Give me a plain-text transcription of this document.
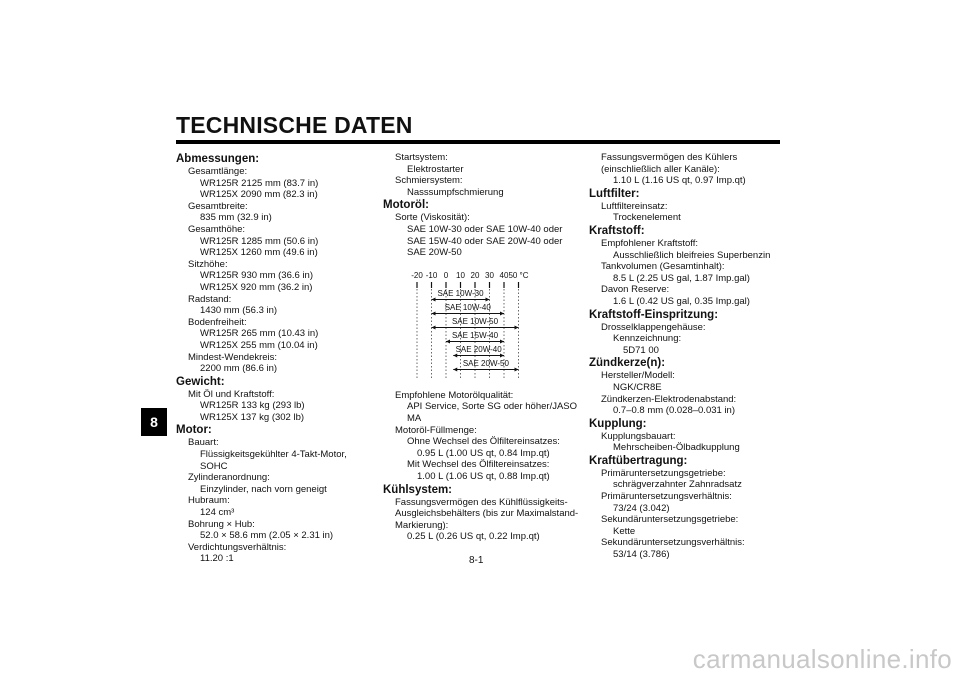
TECHNISCHE DATEN
8
Abmessungen:
Gesamtlänge:
WR125R 2125 mm (83.7 in)
WR125X 2090 mm (82.3 in)
Gesamtbreite:
835 mm (32.9 in)
Gesamthöhe:
WR125R 1285 mm (50.6 in)
WR125X 1260 mm (49.6 in)
Sitzhöhe:
WR125R 930 mm (36.6 in)
WR125X 920 mm (36.2 in)
Radstand:
1430 mm (56.3 in)
Bodenfreiheit:
WR125R 265 mm (10.43 in)
WR125X 255 mm (10.04 in)
Mindest-Wendekreis:
2200 mm (86.6 in)
Gewicht:
Mit Öl und Kraftstoff:
WR125R 133 kg (293 lb)
WR125X 137 kg (302 lb)
Motor:
Bauart:
Flüssigkeitsgekühlter 4-Takt-Motor, SOHC
Zylinderanordnung:
Einzylinder, nach vorn geneigt
Hubraum:
124 cm³
Bohrung × Hub:
52.0 × 58.6 mm (2.05 × 2.31 in)
Verdichtungsverhältnis:
11.20 :1
Startsystem:
Elektrostarter
Schmiersystem:
Nasssumpfschmierung
Motoröl:
Sorte (Viskosität):
SAE 10W-30 oder SAE 10W-40 oder SAE 15W-40 oder SAE 20W-40 oder SAE 20W-50
-20 -10 0 10 20 30 40 50 °C
SAE 10W-30
SAE 10W-40
SAE 10W-50
SAE 15W-40
SAE 20W-40
SAE 20W-50
Empfohlene Motorölqualität:
API Service, Sorte SG oder höher/JASO MA
Motoröl-Füllmenge:
Ohne Wechsel des Ölfiltereinsatzes:
0.95 L (1.00 US qt, 0.84 Imp.qt)
Mit Wechsel des Ölfiltereinsatzes:
1.00 L (1.06 US qt, 0.88 Imp.qt)
Kühlsystem:
Fassungsvermögen des Kühlflüssigkeits-Ausgleichsbehälters (bis zur Maximalstand-Markierung):
0.25 L (0.26 US qt, 0.22 Imp.qt)
Fassungsvermögen des Kühlers (einschließlich aller Kanäle):
1.10 L (1.16 US qt, 0.97 Imp.qt)
Luftfilter:
Luftfiltereinsatz:
Trockenelement
Kraftstoff:
Empfohlener Kraftstoff:
Ausschließlich bleifreies Superbenzin
Tankvolumen (Gesamtinhalt):
8.5 L (2.25 US gal, 1.87 Imp.gal)
Davon Reserve:
1.6 L (0.42 US gal, 0.35 Imp.gal)
Kraftstoff-Einspritzung:
Drosselklappengehäuse:
Kennzeichnung:
5D71 00
Zündkerze(n):
Hersteller/Modell:
NGK/CR8E
Zündkerzen-Elektrodenabstand:
0.7–0.8 mm (0.028–0.031 in)
Kupplung:
Kupplungsbauart:
Mehrscheiben-Ölbadkupplung
Kraftübertragung:
Primäruntersetzungsgetriebe:
schrägverzahnter Zahnradsatz
Primäruntersetzungsverhältnis:
73/24 (3.042)
Sekundäruntersetzungsgetriebe:
Kette
Sekundäruntersetzungsverhältnis:
53/14 (3.786)
8-1
carmanualsonline.info
